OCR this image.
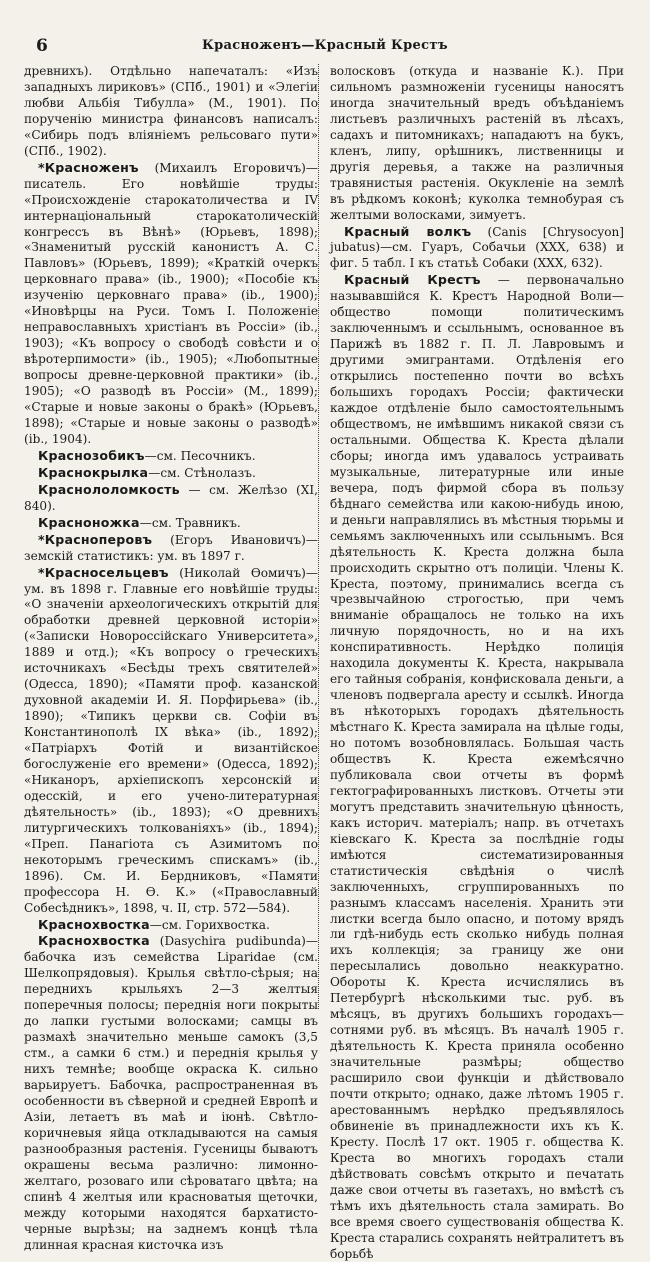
6	Красноженъ—Красный Крестъ

древнихъ). Отдѣльно напечаталъ: «Изъ западныхъ лириковъ» (СПб., 1901) и «Элегіи любви Альбія Тибулла» (М., 1901). По порученію министра финансовъ написалъ: «Сибирь подъ вліяніемъ рельсоваго пути» (СПб., 1902).

*Красноженъ (Михаилъ Егоровичъ)—писатель. Его новѣйшіе труды: «Происхожденіе старокатоличества и IV интернаціональный старокатолическій конгрессъ въ Вѣнѣ» (Юрьевъ, 1898); «Знаменитый русскій канонистъ А. С. Павловъ» (Юрьевъ, 1899); «Краткій очеркъ церковнаго права» (ib., 1900); «Пособіе къ изученію церковнаго права» (ib., 1900); «Иновѣрцы на Руси. Томъ I. Положеніе неправославныхъ христіанъ въ Россіи» (ib., 1903); «Къ вопросу о свободѣ совѣсти и о вѣротерпимости» (ib., 1905); «Любопытные вопросы древне-церковной практики» (ib., 1905); «О разводѣ въ Россіи» (М., 1899); «Старые и новые законы о бракѣ» (Юрьевъ, 1898); «Старые и новые законы о разводѣ» (ib., 1904).

Краснозобикъ—см. Песочникъ.

Краснокрылка—см. Стѣнолазъ.

Краснололомкость — см. Желѣзо (XI, 840).

Красноножка—см. Травникъ.

*Красноперовъ (Егоръ Ивановичъ)—земскій статистикъ: ум. въ 1897 г.

*Красносельцевъ (Николай Ѳомичъ)—ум. въ 1898 г. Главные его новѣйшіе труды: «О значеніи археологическихъ открытій для обработки древней церковной исторіи» («Записки Новороссійскаго Университета», 1889 и отд.); «Къ вопросу о греческихъ источникахъ «Бесѣды трехъ святителей» (Одесса, 1890); «Памяти проф. казанской духовной академіи И. Я. Порфирьева» (ib., 1890); «Типикъ церкви св. Софіи въ Константинополѣ IX вѣка» (ib., 1892); «Патріархъ Фотій и византійское богослуженіе его времени» (Одесса, 1892); «Никаноръ, архіепископъ херсонскій и одесскій, и его учено-литературная дѣятельность» (ib., 1893); «О древнихъ литургическихъ толкованіяхъ» (ib., 1894); «Преп. Панагіота съ Азимитомъ по некоторымъ греческимъ спискамъ» (ib., 1896). См. И. Бердниковъ, «Памяти профессора Н. Ѳ. К.» («Православный Собесѣдникъ», 1898, ч. II, стр. 572—584).

Краснохвостка—см. Горихвостка.

Краснохвостка (Dasychira pudibunda)—бабочка изъ семейства Liparidae (см. Шелкопрядовыя). Крылья свѣтло-сѣрыя; на переднихъ крыльяхъ 2—3 желтыя поперечныя полосы; переднія ноги покрыты до лапки густыми волосками; самцы въ размахѣ значительно меньше самокъ (3,5 стм., а самки 6 стм.) и переднія крылья у нихъ темнѣе; вообще окраска К. сильно варьируетъ. Бабочка, распространенная въ особенности въ сѣверной и средней Европѣ и Азіи, летаетъ въ маѣ и іюнѣ. Свѣтло-коричневыя яйца откладываются на самыя разнообразныя растенія. Гусеницы бываютъ окрашены весьма различно: лимонно-желтаго, розоваго или сѣроватаго цвѣта; на спинѣ 4 желтыя или красноватыя щеточки, между которыми находятся бархатисто-черные вырѣзы; на заднемъ концѣ тѣла длинная красная кисточка изъ

волосковъ (откуда и названіе К.). При сильномъ размноженіи гусеницы наносятъ иногда значительный вредъ объѣданіемъ листьевъ различныхъ растеній въ лѣсахъ, садахъ и питомникахъ; нападаютъ на букъ, кленъ, липу, орѣшникъ, лиственницы и другія деревья, а также на различныя травянистыя растенія. Окукленіе на землѣ въ рѣдкомъ коконѣ; куколка темнобурая съ желтыми волосками, зимуетъ.

Красный волкъ (Canis [Chrysocyon] jubatus)—см. Гуаръ, Собачьи (XXX, 638) и фиг. 5 табл. I къ статьѣ Собаки (XXX, 632).

Красный Крестъ — первоначально называвшійся К. Крестъ Народной Воли—общество помощи политическимъ заключеннымъ и ссыльнымъ, основанное въ Парижѣ въ 1882 г. П. Л. Лавровымъ и другими эмигрантами. Отдѣленія его открылись постепенно почти во всѣхъ большихъ городахъ Россіи; фактически каждое отдѣленіе было самостоятельнымъ обществомъ, не имѣвшимъ никакой связи съ остальными. Общества К. Креста дѣлали сборы; иногда имъ удавалось устраивать музыкальные, литературные или иные вечера, подъ фирмой сбора въ пользу бѣднаго семейства или какою-нибудь иною, и деньги направлялись въ мѣстныя тюрьмы и семьямъ заключенныхъ или ссыльнымъ. Вся дѣятельность К. Креста должна была происходить скрытно отъ полиціи. Члены К. Креста, поэтому, принимались всегда съ чрезвычайною строгостью, при чемъ вниманіе обращалось не только на ихъ личную порядочность, но и на ихъ конспиративность. Нерѣдко полиція находила документы К. Креста, накрывала его тайныя собранія, конфисковала деньги, а членовъ подвергала аресту и ссылкѣ. Иногда въ нѣкоторыхъ городахъ дѣятельность мѣстнаго К. Креста замирала на цѣлые годы, но потомъ возобновлялась. Большая часть обществъ К. Креста ежемѣсячно публиковала свои отчеты въ формѣ гектографированныхъ листковъ. Отчеты эти могутъ представить значительную цѣнность, какъ историч. матеріалъ; напр. въ отчетахъ кіевскаго К. Креста за послѣдніе годы имѣются систематизированныя статистическія свѣдѣнія о числѣ заключенныхъ, сгруппированныхъ по разнымъ классамъ населенія. Хранить эти листки всегда было опасно, и потому врядъ ли гдѣ-нибудь есть сколько нибудь полная ихъ коллекція; за границу же они пересылались довольно неаккуратно. Обороты К. Креста исчислялись въ Петербургѣ нѣсколькими тыс. руб. въ мѣсяцъ, въ другихъ большихъ городахъ—сотнями руб. въ мѣсяцъ. Въ началѣ 1905 г. дѣятельность К. Креста приняла особенно значительные размѣры; общество расширило свои функціи и дѣйствовало почти открыто; однако, даже лѣтомъ 1905 г. арестованнымъ нерѣдко предъявлялось обвиненіе въ принадлежности ихъ къ К. Кресту. Послѣ 17 окт. 1905 г. общества К. Креста во многихъ городахъ стали дѣйствовать совсѣмъ открыто и печатать даже свои отчеты въ газетахъ, но вмѣстѣ съ тѣмъ ихъ дѣятельность стала замирать. Во все время своего существованія общества К. Креста старались сохранять нейтралитетъ въ борьбѣ
